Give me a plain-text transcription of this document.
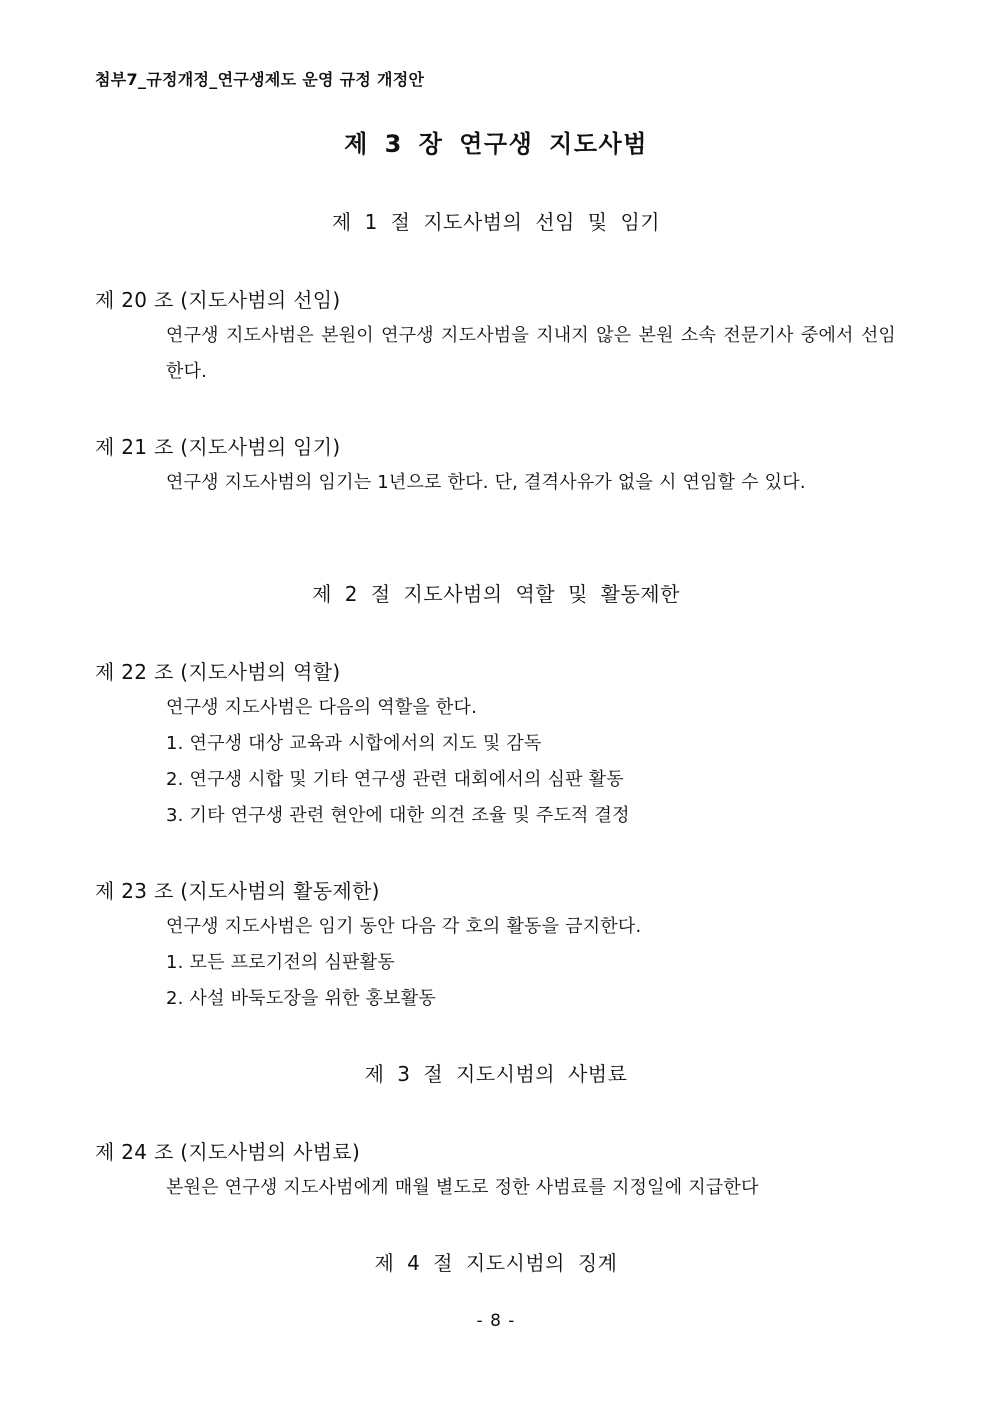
첨부7_규정개정_연구생제도 운영 규정 개정안
제 3 장 연구생 지도사범
제 1 절 지도사범의 선임 및 임기
제 20 조 (지도사범의 선임)
연구생 지도사범은 본원이 연구생 지도사범을 지내지 않은 본원 소속 전문기사 중에서 선임한다.
제 21 조 (지도사범의 임기)
연구생 지도사범의 임기는 1년으로 한다. 단, 결격사유가 없을 시 연임할 수 있다.
제 2 절 지도사범의 역할 및 활동제한
제 22 조 (지도사범의 역할)
연구생 지도사범은 다음의 역할을 한다.
1. 연구생 대상 교육과 시합에서의 지도 및 감독
2. 연구생 시합 및 기타 연구생 관련 대회에서의 심판 활동
3. 기타 연구생 관련 현안에 대한 의견 조율 및 주도적 결정
제 23 조 (지도사범의 활동제한)
연구생 지도사범은 임기 동안 다음 각 호의 활동을 금지한다.
1. 모든 프로기전의 심판활동
2. 사설 바둑도장을 위한 홍보활동
제 3 절 지도시범의 사범료
제 24 조 (지도사범의 사범료)
본원은 연구생 지도사범에게 매월 별도로 정한 사범료를 지정일에 지급한다
제 4 절 지도시범의 징계
- 8 -
